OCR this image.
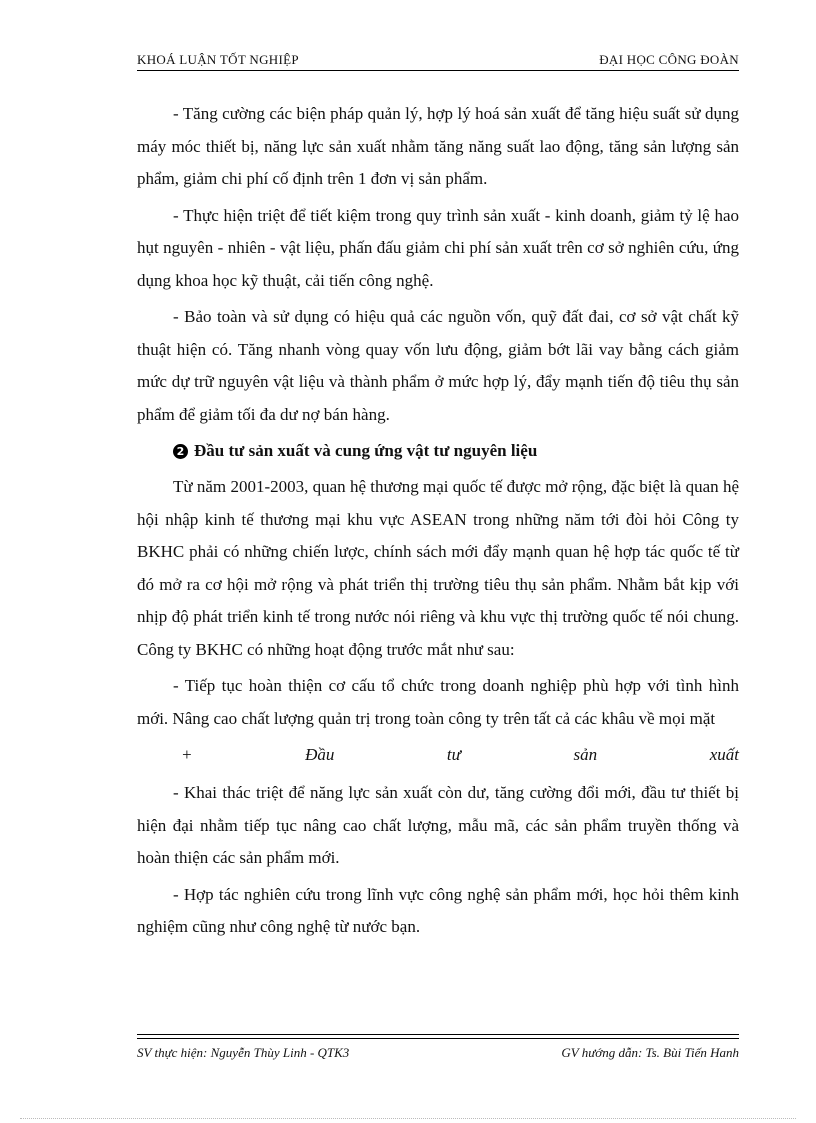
KHOÁ LUẬN TỐT NGHIỆP	ĐẠI HỌC CÔNG ĐOÀN

- Tăng cường các biện pháp quản lý, hợp lý hoá sản xuất để tăng hiệu suất sử dụng máy móc thiết bị, năng lực sản xuất nhằm tăng năng suất lao động, tăng sản lượng sản phẩm, giảm chi phí cố định trên 1 đơn vị sản phẩm.

- Thực hiện triệt để tiết kiệm trong quy trình sản xuất - kinh doanh, giảm tỷ lệ hao hụt nguyên - nhiên - vật liệu, phấn đấu giảm chi phí sản xuất trên cơ sở nghiên cứu, ứng dụng khoa học kỹ thuật, cải tiến công nghệ.

- Bảo toàn và sử dụng có hiệu quả các nguồn vốn, quỹ đất đai, cơ sở vật chất kỹ thuật hiện có. Tăng nhanh vòng quay vốn lưu động, giảm bớt lãi vay bằng cách giảm mức dự trữ nguyên vật liệu và thành phẩm ở mức hợp lý, đẩy mạnh tiến độ tiêu thụ sản phẩm để giảm tối đa dư nợ bán hàng.

2 Đầu tư sản xuất và cung ứng vật tư nguyên liệu

Từ năm 2001-2003, quan hệ thương mại quốc tế được mở rộng, đặc biệt là quan hệ hội nhập kinh tế thương mại khu vực ASEAN trong những năm tới đòi hỏi Công ty BKHC phải có những chiến lược, chính sách mới đẩy mạnh quan hệ hợp tác quốc tế từ đó mở ra cơ hội mở rộng và phát triển thị trường tiêu thụ sản phẩm. Nhằm bắt kịp với nhịp độ phát triển kinh tế trong nước nói riêng và khu vực thị trường quốc tế nói chung. Công ty BKHC có những hoạt động trước mắt như sau:

- Tiếp tục hoàn thiện cơ cấu tổ chức trong doanh nghiệp phù hợp với tình hình mới. Nâng cao chất lượng quản trị trong toàn công ty trên tất cả các khâu về mọi mặt

+	Đầu	tư	sản	xuất

- Khai thác triệt để năng lực sản xuất còn dư, tăng cường đổi mới, đầu tư thiết bị hiện đại nhằm tiếp tục nâng cao chất lượng, mẫu mã, các sản phẩm truyền thống và hoàn thiện các sản phẩm mới.

- Hợp tác nghiên cứu trong lĩnh vực công nghệ sản phẩm mới, học hỏi thêm kinh nghiệm cũng như công nghệ từ nước bạn.

SV thực hiện: Nguyễn Thùy Linh - QTK3	GV hướng dẫn: Ts. Bùi Tiến Hanh
